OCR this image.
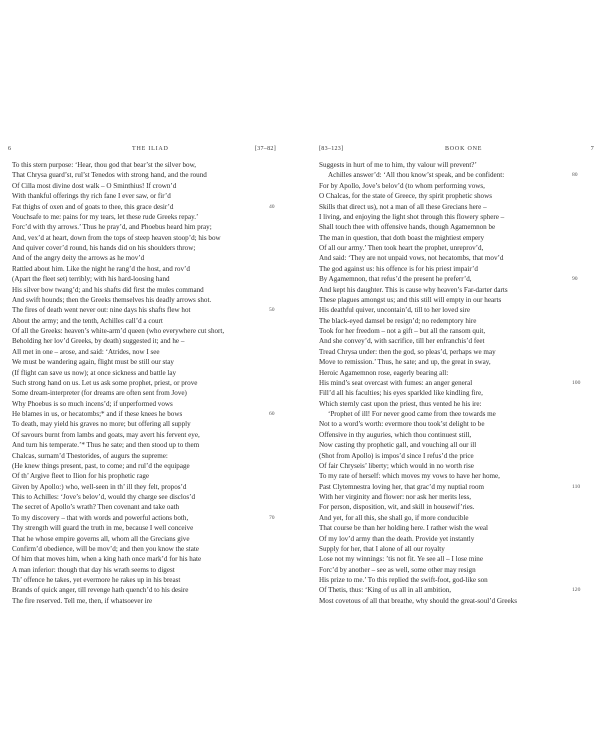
6	THE ILIAD	[37–82]
To this stern purpose: ‘Hear, thou god that bear’st the silver bow,
That Chrysa guard’st, rul’st Tenedos with strong hand, and the round
Of Cilla most divine dost walk – O Sminthius! If crown’d
With thankful offerings thy rich fane I ever saw, or fir’d
Fat thighs of oxen and of goats to thee, this grace desir’d	40
Vouchsafe to me: pains for my tears, let these rude Greeks repay.’
Forc’d with thy arrows.’ Thus he pray’d, and Phoebus heard him pray;
And, vex’d at heart, down from the tops of steep heaven stoop’d; his bow
And quiver cover’d round, his hands did on his shoulders throw;
And of the angry deity the arrows as he mov’d
Rattled about him. Like the night he rang’d the host, and rov’d
(Apart the fleet set) terribly; with his hard-loosing hand
His silver bow twang’d; and his shafts did first the mules command
And swift hounds; then the Greeks themselves his deadly arrows shot.
The fires of death went never out: nine days his shafts flew hot	50
About the army; and the tenth, Achilles call’d a court
Of all the Greeks: heaven’s white-arm’d queen (who everywhere cut short,
Beholding her lov’d Greeks, by death) suggested it; and he –
All met in one – arose, and said: ‘Atrides, now I see
We must be wandering again, flight must be still our stay
(If flight can save us now); at once sickness and battle lay
Such strong hand on us. Let us ask some prophet, priest, or prove
Some dream-interpreter (for dreams are often sent from Jove)
Why Phoebus is so much incens’d; if unperformed vows
He blames in us, or hecatombs;* and if these knees he bows	60
To death, may yield his graves no more; but offering all supply
Of savours burnt from lambs and goats, may avert his fervent eye,
And turn his temperate.’* Thus he sate; and then stood up to them
Chalcas, surnam’d Thestorides, of augurs the supreme:
(He knew things present, past, to come; and rul’d the equipage
Of th’ Argive fleet to Ilion for his prophetic rage
Given by Apollo:) who, well-seen in th’ ill they felt, propos’d
This to Achilles: ‘Jove’s belov’d, would thy charge see disclos’d
The secret of Apollo’s wrath? Then covenant and take oath
To my discovery – that with words and powerful actions both,	70
Thy strength will guard the truth in me, because I well conceive
That he whose empire governs all, whom all the Grecians give
Confirm’d obedience, will be mov’d; and then you know the state
Of him that moves him, when a king hath once mark’d for his hate
A man inferior: though that day his wrath seems to digest
Th’ offence he takes, yet evermore he rakes up in his breast
Brands of quick anger, till revenge hath quench’d to his desire
The fire reserved. Tell me, then, if whatsoever ire
[83–123]	BOOK ONE	7
Suggests in hurt of me to him, thy valour will prevent?’
Achilles answer’d: ‘All thou know’st speak, and be confident:	80
For by Apollo, Jove’s belov’d (to whom performing vows,
O Chalcas, for the state of Greece, thy spirit prophetic shows
Skills that direct us), not a man of all these Grecians here –
I living, and enjoying the light shot through this flowery sphere –
Shall touch thee with offensive hands, though Agamemnon be
The man in question, that doth boast the mightiest empery
Of all our army.’ Then took heart the prophet, unreprov’d,
And said: ‘They are not unpaid vows, not hecatombs, that mov’d
The god against us: his offence is for his priest impair’d
By Agamemnon, that refus’d the present he preferr’d,	90
And kept his daughter. This is cause why heaven’s Far-darter darts
These plagues amongst us; and this still will empty in our hearts
His deathful quiver, uncontain’d, till to her loved sire
The black-eyed damsel be resign’d; no redemptory hire
Took for her freedom – not a gift – but all the ransom quit,
And she convey’d, with sacrifice, till her enfranchis’d feet
Tread Chrysa under: then the god, so pleas’d, perhaps we may
Move to remission.’ Thus, he sate; and up, the great in sway,
Heroic Agamemnon rose, eagerly bearing all:
His mind’s seat overcast with fumes: an anger general	100
Fill’d all his faculties; his eyes sparkled like kindling fire,
Which sternly cast upon the priest, thus vented he his ire:
‘Prophet of ill! For never good came from thee towards me
Not to a word’s worth: evermore thou took’st delight to be
Offensive in thy auguries, which thou continuest still,
Now casting thy prophetic gall, and vouching all our ill
(Shot from Apollo) is impos’d since I refus’d the price
Of fair Chryseis’ liberty; which would in no worth rise
To my rate of herself: which moves my vows to have her home,
Past Clytemnestra loving her, that grac’d my nuptial room	110
With her virginity and flower: nor ask her merits less,
For person, disposition, wit, and skill in housewif’ries.
And yet, for all this, she shall go, if more conducible
That course be than her holding here. I rather wish the weal
Of my lov’d army than the death. Provide yet instantly
Supply for her, that I alone of all our royalty
Lose not my winnings: ’tis not fit. Ye see all – I lose mine
Forc’d by another – see as well, some other may resign
His prize to me.’ To this replied the swift-foot, god-like son
Of Thetis, thus: ‘King of us all in all ambition,	120
Most covetous of all that breathe, why should the great-soul’d Greeks
